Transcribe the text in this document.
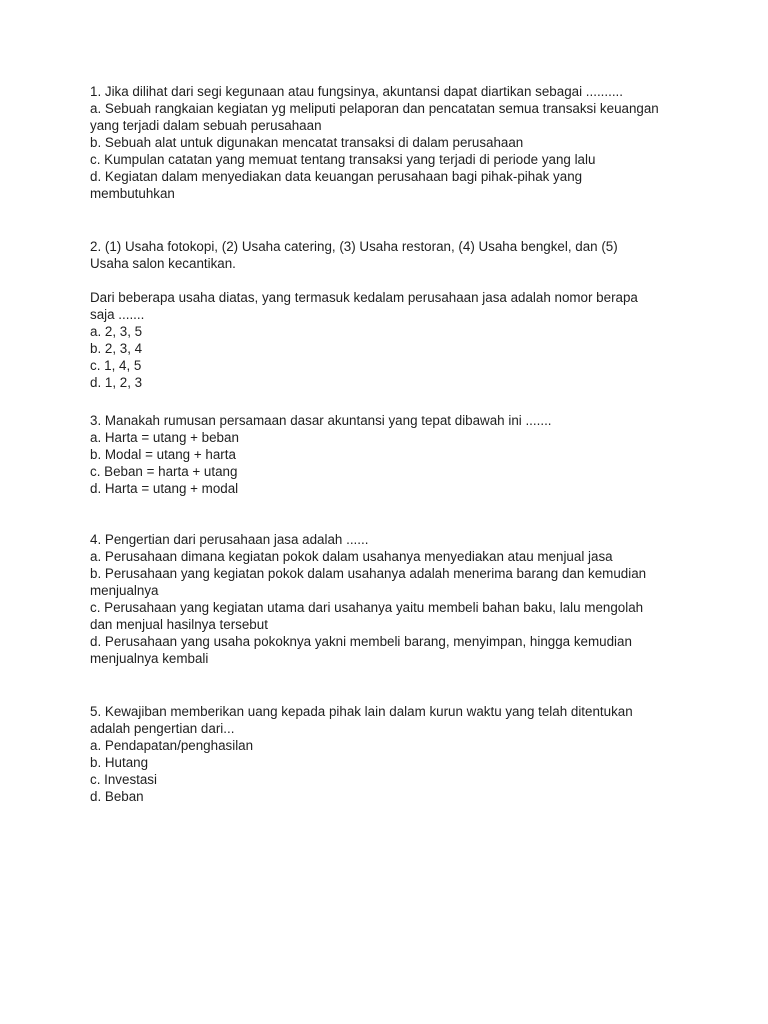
1. Jika dilihat dari segi kegunaan atau fungsinya, akuntansi dapat diartikan sebagai ..........
a. Sebuah rangkaian kegiatan yg meliputi pelaporan dan pencatatan semua transaksi keuangan
yang terjadi dalam sebuah perusahaan
b. Sebuah alat untuk digunakan mencatat transaksi di dalam perusahaan
c. Kumpulan catatan yang memuat tentang transaksi yang terjadi di periode yang lalu
d. Kegiatan dalam menyediakan data keuangan perusahaan bagi pihak-pihak yang
membutuhkan
2. (1) Usaha fotokopi, (2) Usaha catering, (3) Usaha restoran, (4) Usaha bengkel, dan (5)
Usaha salon kecantikan.

Dari beberapa usaha diatas, yang termasuk kedalam perusahaan jasa adalah nomor berapa
saja .......
a. 2, 3, 5
b. 2, 3, 4
c. 1, 4, 5
d. 1, 2, 3
3. Manakah rumusan persamaan dasar akuntansi yang tepat dibawah ini .......
a. Harta = utang + beban
b. Modal = utang + harta
c. Beban = harta + utang
d. Harta = utang + modal
4. Pengertian dari perusahaan jasa adalah ......
a. Perusahaan dimana kegiatan pokok dalam usahanya menyediakan atau menjual jasa
b. Perusahaan yang kegiatan pokok dalam usahanya adalah menerima barang dan kemudian
menjualnya
c. Perusahaan yang kegiatan utama dari usahanya yaitu membeli bahan baku, lalu mengolah
dan menjual hasilnya tersebut
d. Perusahaan yang usaha pokoknya yakni membeli barang, menyimpan, hingga kemudian
menjualnya kembali
5. Kewajiban memberikan uang kepada pihak lain dalam kurun waktu yang telah ditentukan
adalah pengertian dari...
a. Pendapatan/penghasilan
b. Hutang
c. Investasi
d. Beban
